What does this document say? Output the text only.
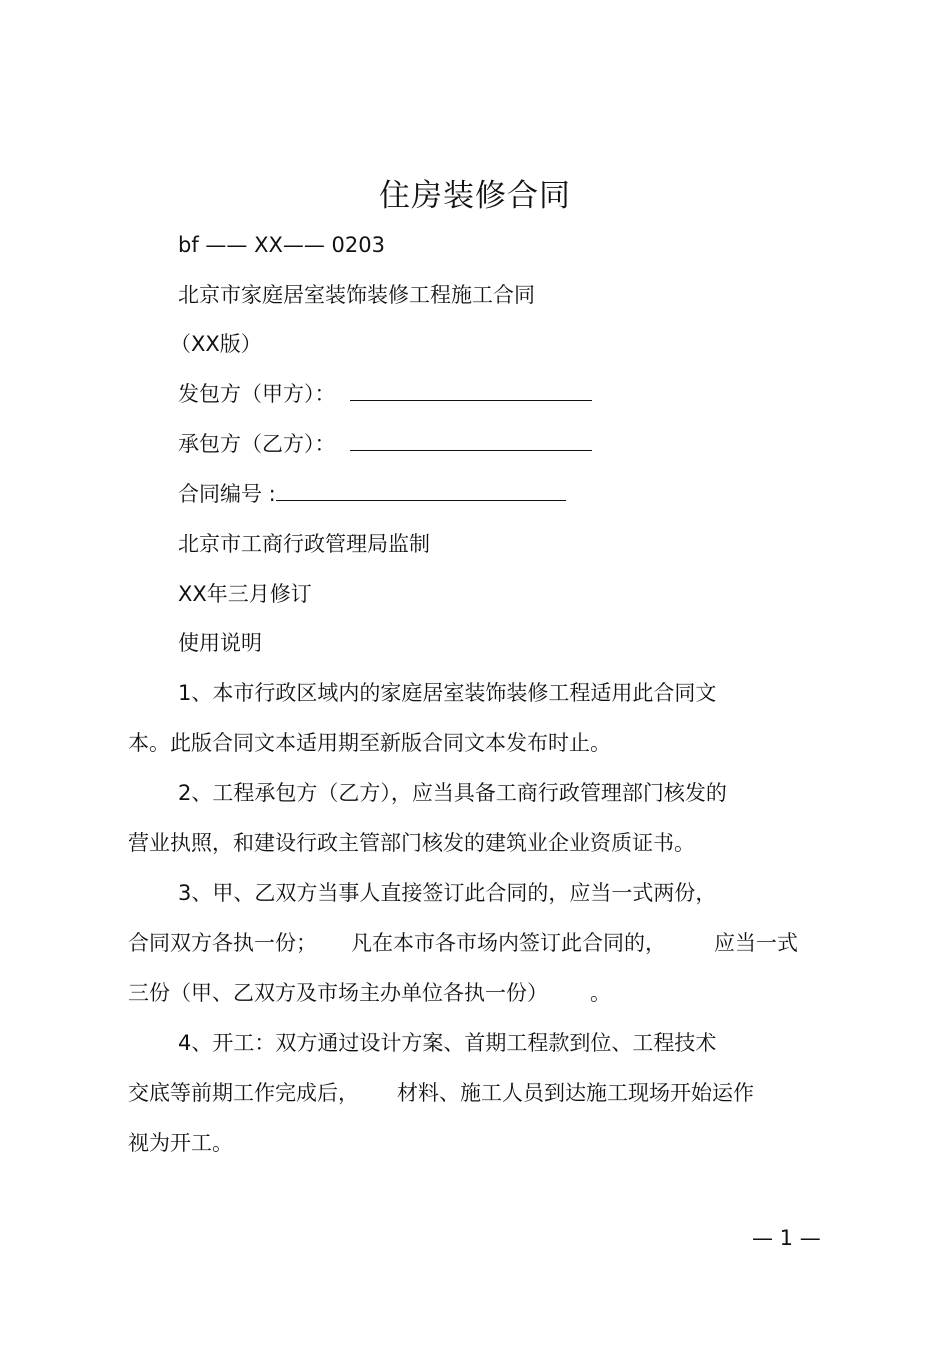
住房装修合同
bf —— XX—— 0203
北京市家庭居室装饰装修工程施工合同
（XX版）
发包方（甲方）：
承包方（乙方）：
合同编号 :
北京市工商行政管理局监制
XX年三月修订
使用说明
1、本市行政区域内的家庭居室装饰装修工程适用此合同文
本。此版合同文本适用期至新版合同文本发布时止。
2、工程承包方（乙方），应当具备工商行政管理部门核发的
营业执照，和建设行政主管部门核发的建筑业企业资质证书。
3、甲、乙双方当事人直接签订此合同的，应当一式两份，
合同双方各执一份； 凡在本市各市场内签订此合同的， 应当一式
三份（甲、乙双方及市场主办单位各执一份） 。
4、开工：双方通过设计方案、首期工程款到位、工程技术
交底等前期工作完成后， 材料、施工人员到达施工现场开始运作
视为开工。
— 1 —
